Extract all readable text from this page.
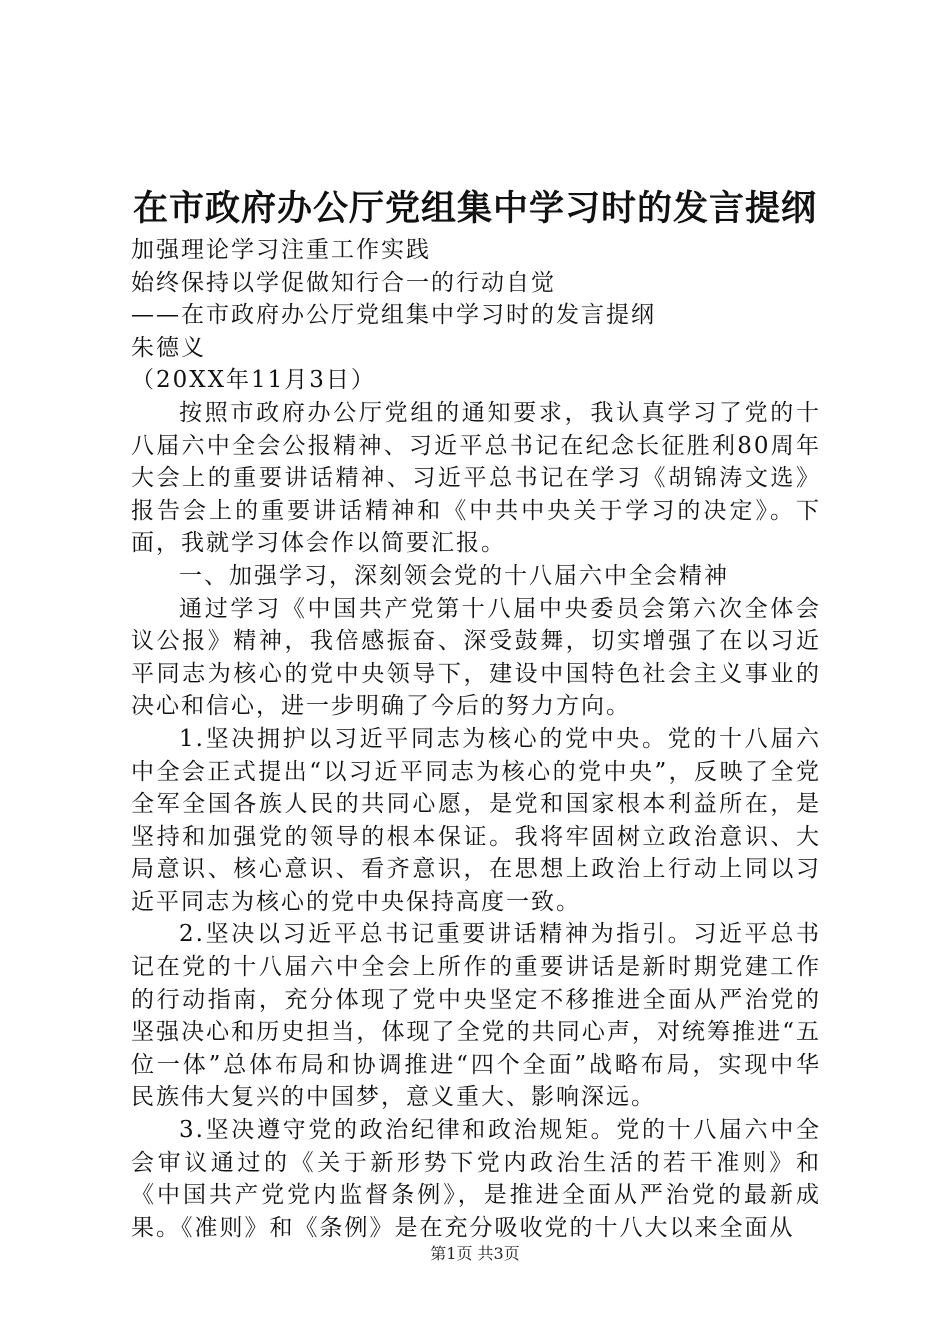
在市政府办公厅党组集中学习时的发言提纲

加强理论学习注重工作实践

始终保持以学促做知行合一的行动自觉

——在市政府办公厅党组集中学习时的发言提纲

朱德义

（20XX年11月3日）

按照市政府办公厅党组的通知要求，我认真学习了党的十八届六中全会公报精神、习近平总书记在纪念长征胜利80周年大会上的重要讲话精神、习近平总书记在学习《胡锦涛文选》报告会上的重要讲话精神和《中共中央关于学习的决定》。下面，我就学习体会作以简要汇报。

一、加强学习，深刻领会党的十八届六中全会精神

通过学习《中国共产党第十八届中央委员会第六次全体会议公报》精神，我倍感振奋、深受鼓舞，切实增强了在以习近平同志为核心的党中央领导下，建设中国特色社会主义事业的决心和信心，进一步明确了今后的努力方向。

1.坚决拥护以习近平同志为核心的党中央。党的十八届六中全会正式提出“以习近平同志为核心的党中央”，反映了全党全军全国各族人民的共同心愿，是党和国家根本利益所在，是坚持和加强党的领导的根本保证。我将牢固树立政治意识、大局意识、核心意识、看齐意识，在思想上政治上行动上同以习近平同志为核心的党中央保持高度一致。

2.坚决以习近平总书记重要讲话精神为指引。习近平总书记在党的十八届六中全会上所作的重要讲话是新时期党建工作的行动指南，充分体现了党中央坚定不移推进全面从严治党的坚强决心和历史担当，体现了全党的共同心声，对统筹推进“五位一体”总体布局和协调推进“四个全面”战略布局，实现中华民族伟大复兴的中国梦，意义重大、影响深远。

3.坚决遵守党的政治纪律和政治规矩。党的十八届六中全会审议通过的《关于新形势下党内政治生活的若干准则》和《中国共产党党内监督条例》，是推进全面从严治党的最新成果。《准则》和《条例》是在充分吸收党的十八大以来全面从

第1页 共3页
